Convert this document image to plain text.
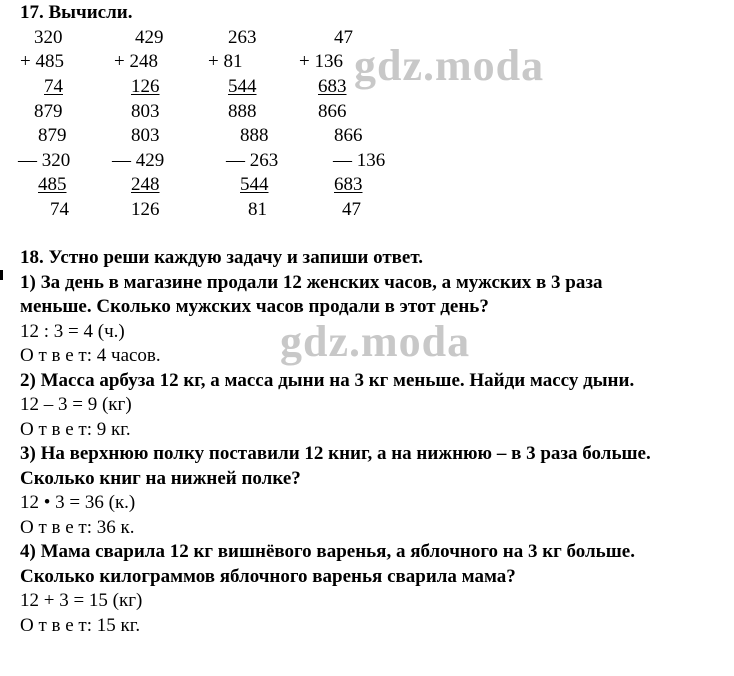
17. Вычисли.
320
+ 485
74
879
429
+ 248
126
803
263
+ 81
544
888
47
+ 136
683
866
879
— 320
485
74
803
— 429
248
126
888
— 263
544
81
866
— 136
683
47
gdz.moda
18. Устно реши каждую задачу и запиши ответ.
1) За день в магазине продали 12 женских часов, а мужских в 3 раза
меньше. Сколько мужских часов продали в этот день?
12 : 3 = 4 (ч.)
О т в е т: 4 часов.	gdz.moda
2) Масса арбуза 12 кг, а масса дыни на 3 кг меньше. Найди массу дыни.
12 – 3 = 9 (кг)
О т в е т: 9 кг.
3) На верхнюю полку поставили 12 книг, а на нижнюю – в 3 раза больше.
Сколько книг на нижней полке?
12 • 3 = 36 (к.)
О т в е т: 36 к.
4) Мама сварила 12 кг вишнёвого варенья, а яблочного на 3 кг больше.
Сколько килограммов яблочного варенья сварила мама?
12 + 3 = 15 (кг)
О т в е т: 15 кг.
